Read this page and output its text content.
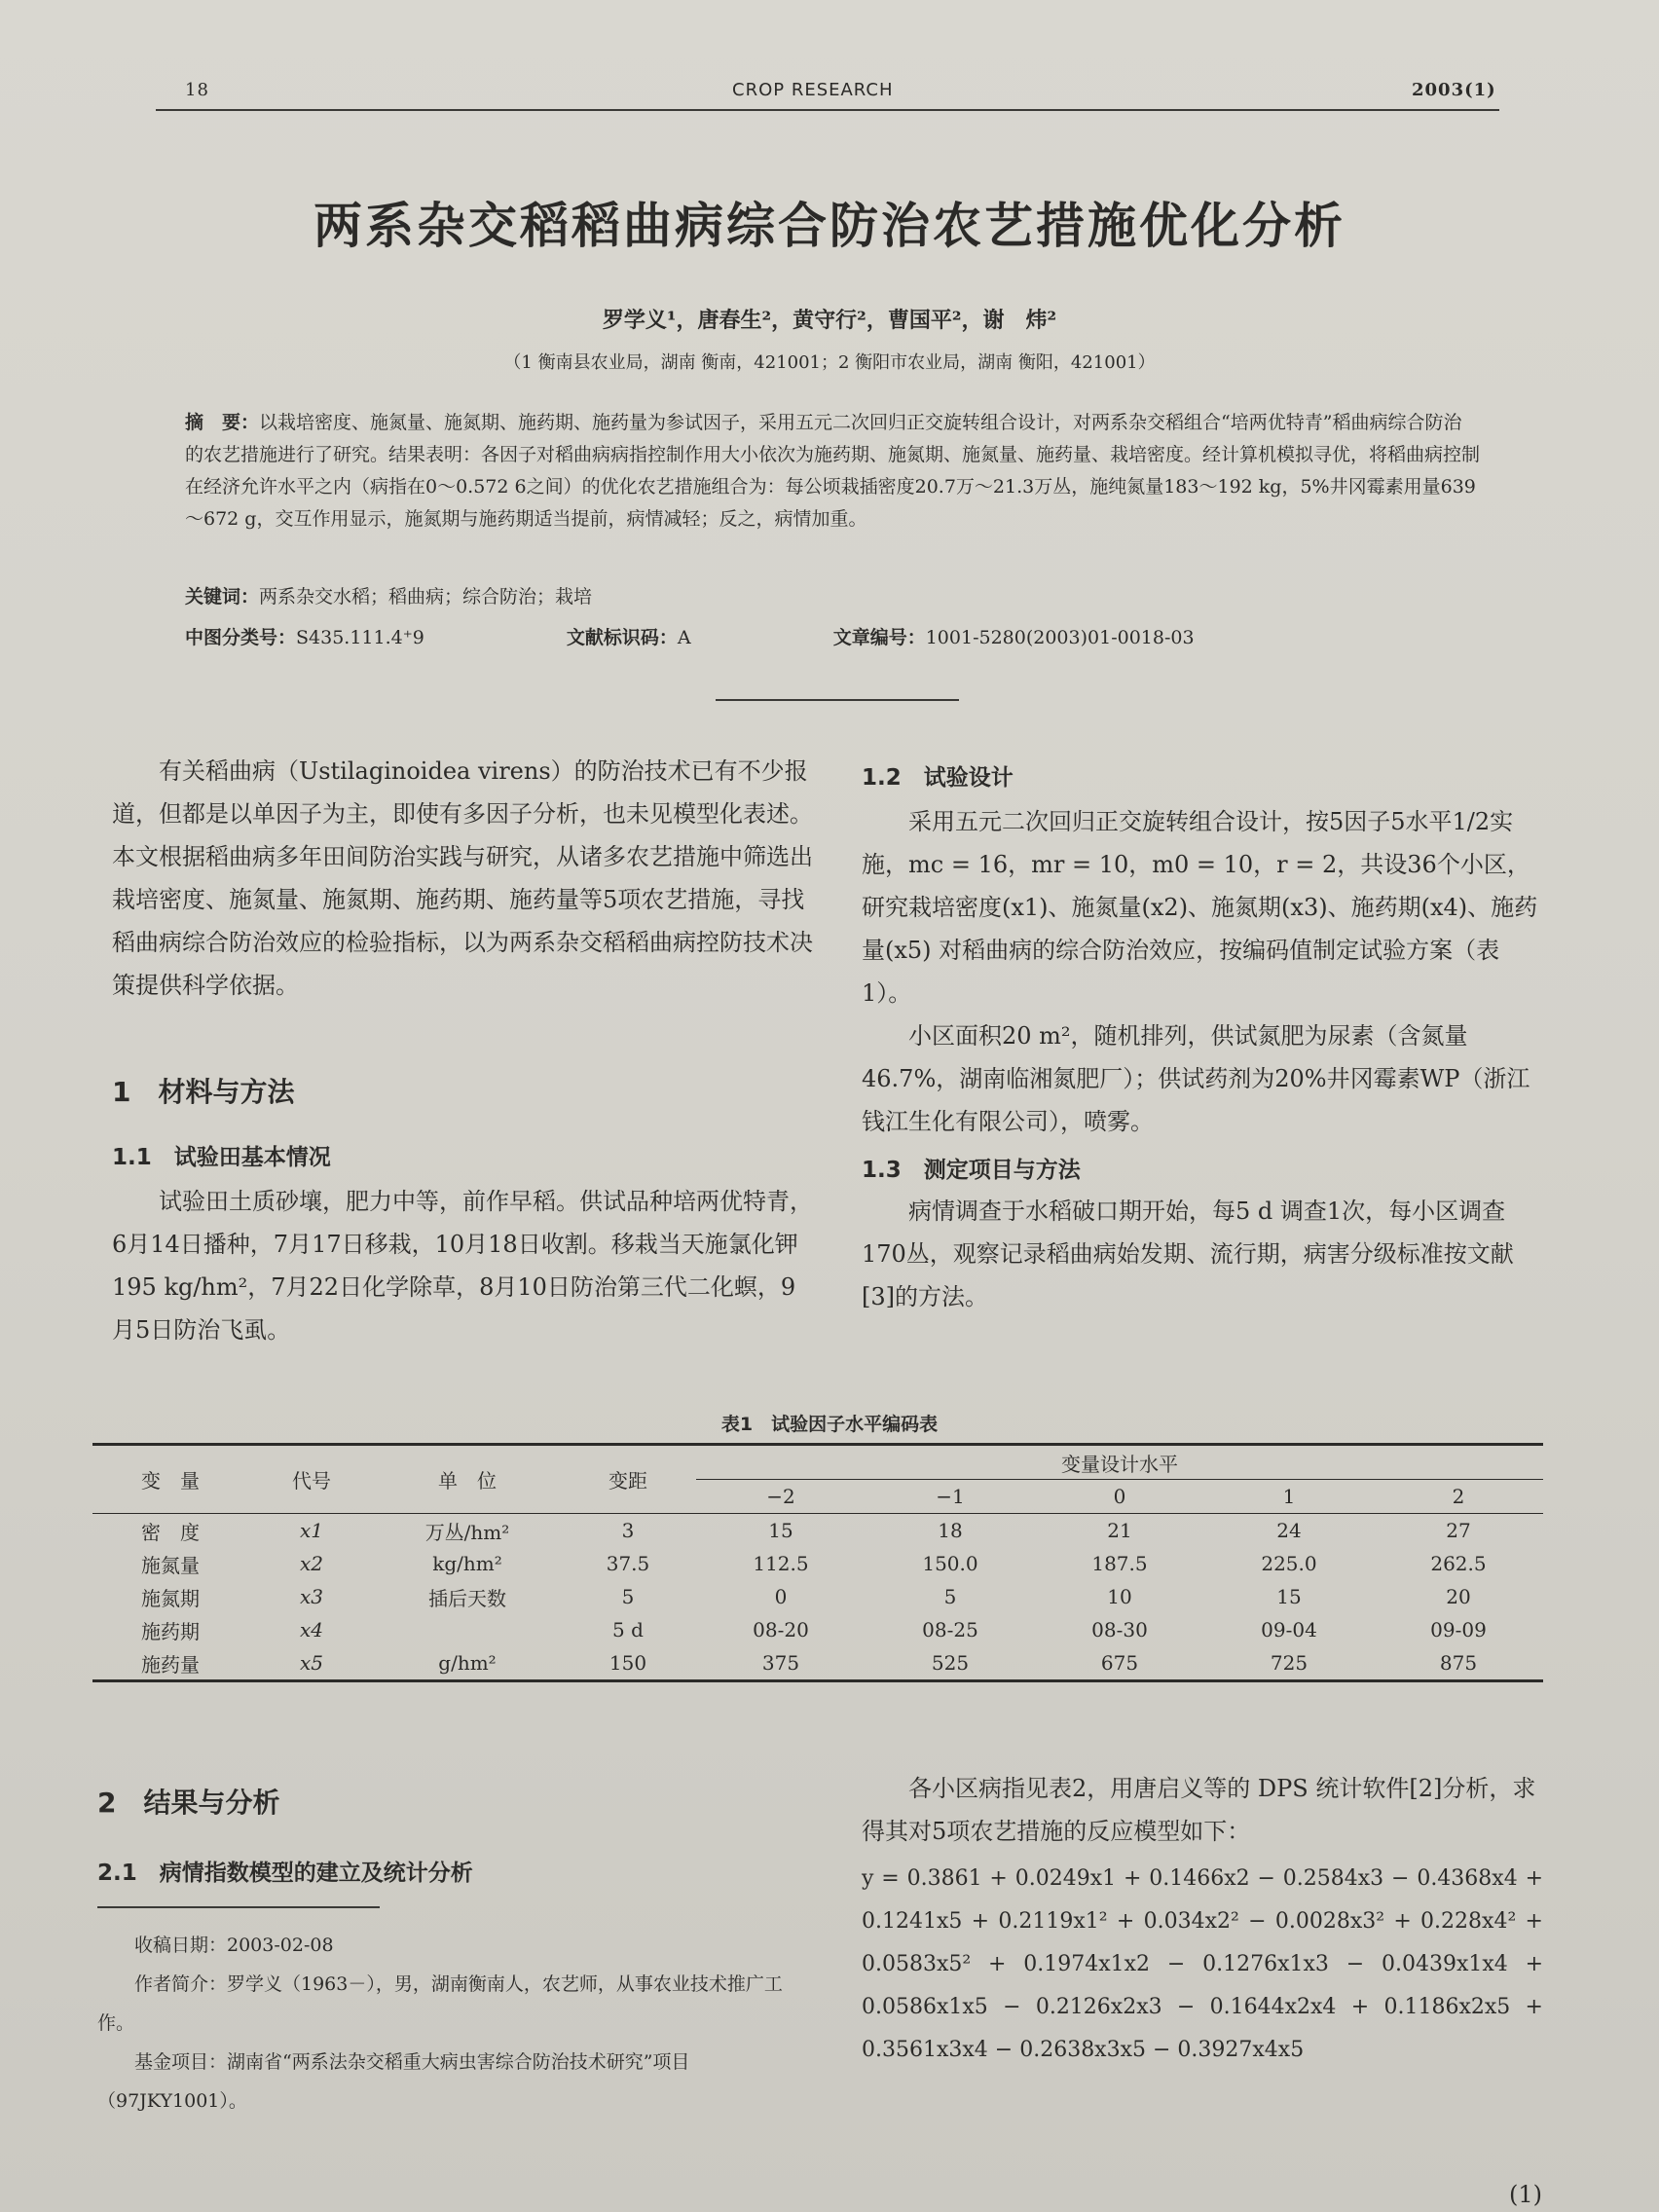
18	CROP RESEARCH	2003(1)
两系杂交稻稻曲病综合防治农艺措施优化分析
罗学义¹，唐春生²，黄守行²，曹国平²，谢　炜²
（1 衡南县农业局，湖南 衡南，421001；2 衡阳市农业局，湖南 衡阳，421001）
摘　要：以栽培密度、施氮量、施氮期、施药期、施药量为参试因子，采用五元二次回归正交旋转组合设计，对两系杂交稻组合“培两优特青”稻曲病综合防治的农艺措施进行了研究。结果表明：各因子对稻曲病病指控制作用大小依次为施药期、施氮期、施氮量、施药量、栽培密度。经计算机模拟寻优，将稻曲病控制在经济允许水平之内（病指在0～0.572 6之间）的优化农艺措施组合为：每公顷栽插密度20.7万～21.3万丛，施纯氮量183～192 kg，5%井冈霉素用量639～672 g，交互作用显示，施氮期与施药期适当提前，病情减轻；反之，病情加重。
关键词：两系杂交水稻；稻曲病；综合防治；栽培
中图分类号：S435.111.4⁺9	文献标识码：A	文章编号：1001-5280(2003)01-0018-03

有关稻曲病（Ustilaginoidea virens）的防治技术已有不少报道，但都是以单因子为主，即使有多因子分析，也未见模型化表述。本文根据稻曲病多年田间防治实践与研究，从诸多农艺措施中筛选出栽培密度、施氮量、施氮期、施药期、施药量等5项农艺措施，寻找稻曲病综合防治效应的检验指标，以为两系杂交稻稻曲病控防技术决策提供科学依据。

1　材料与方法
1.1　试验田基本情况

试验田土质砂壤，肥力中等，前作早稻。供试品种培两优特青，6月14日播种，7月17日移栽，10月18日收割。移栽当天施氯化钾195 kg/hm²，7月22日化学除草，8月10日防治第三代二化螟，9月5日防治飞虱。

1.2　试验设计

采用五元二次回归正交旋转组合设计，按5因子5水平1/2实施，mc = 16，mr = 10，m0 = 10，r = 2，共设36个小区，研究栽培密度(x1)、施氮量(x2)、施氮期(x3)、施药期(x4)、施药量(x5) 对稻曲病的综合防治效应，按编码值制定试验方案（表1）。

小区面积20 m²，随机排列，供试氮肥为尿素（含氮量46.7%，湖南临湘氮肥厂）；供试药剂为20%井冈霉素WP（浙江钱江生化有限公司），喷雾。

1.3　测定项目与方法

病情调查于水稻破口期开始，每5 d 调查1次，每小区调查170丛，观察记录稻曲病始发期、流行期，病害分级标准按文献[3]的方法。

表1　试验因子水平编码表
变　量	代号	单　位	变距	变量设计水平				
				−2	−1	0	1	2
密　度	x1	万丛/hm²	3	15	18	21	24	27
施氮量	x2	kg/hm²	37.5	112.5	150.0	187.5	225.0	262.5
施氮期	x3	插后天数	5	0	5	10	15	20
施药期	x4		5 d	08-20	08-25	08-30	09-04	09-09
施药量	x5	g/hm²	150	375	525	675	725	875
2　结果与分析
2.1　病情指数模型的建立及统计分析

各小区病指见表2，用唐启义等的 DPS 统计软件[2]分析，求得其对5项农艺措施的反应模型如下：

y = 0.3861 + 0.0249x1 + 0.1466x2 − 0.2584x3 − 0.4368x4 + 0.1241x5 + 0.2119x1² + 0.034x2² − 0.0028x3² + 0.228x4² + 0.0583x5² + 0.1974x1x2 − 0.1276x1x3 − 0.0439x1x4 + 0.0586x1x5 − 0.2126x2x3 − 0.1644x2x4 + 0.1186x2x5 + 0.3561x3x4 − 0.2638x3x5 − 0.3927x4x5
(1)

收稿日期：2003-02-08

作者简介：罗学义（1963－），男，湖南衡南人，农艺师，从事农业技术推广工作。

基金项目：湖南省“两系法杂交稻重大病虫害综合防治技术研究”项目（97JKY1001）。
